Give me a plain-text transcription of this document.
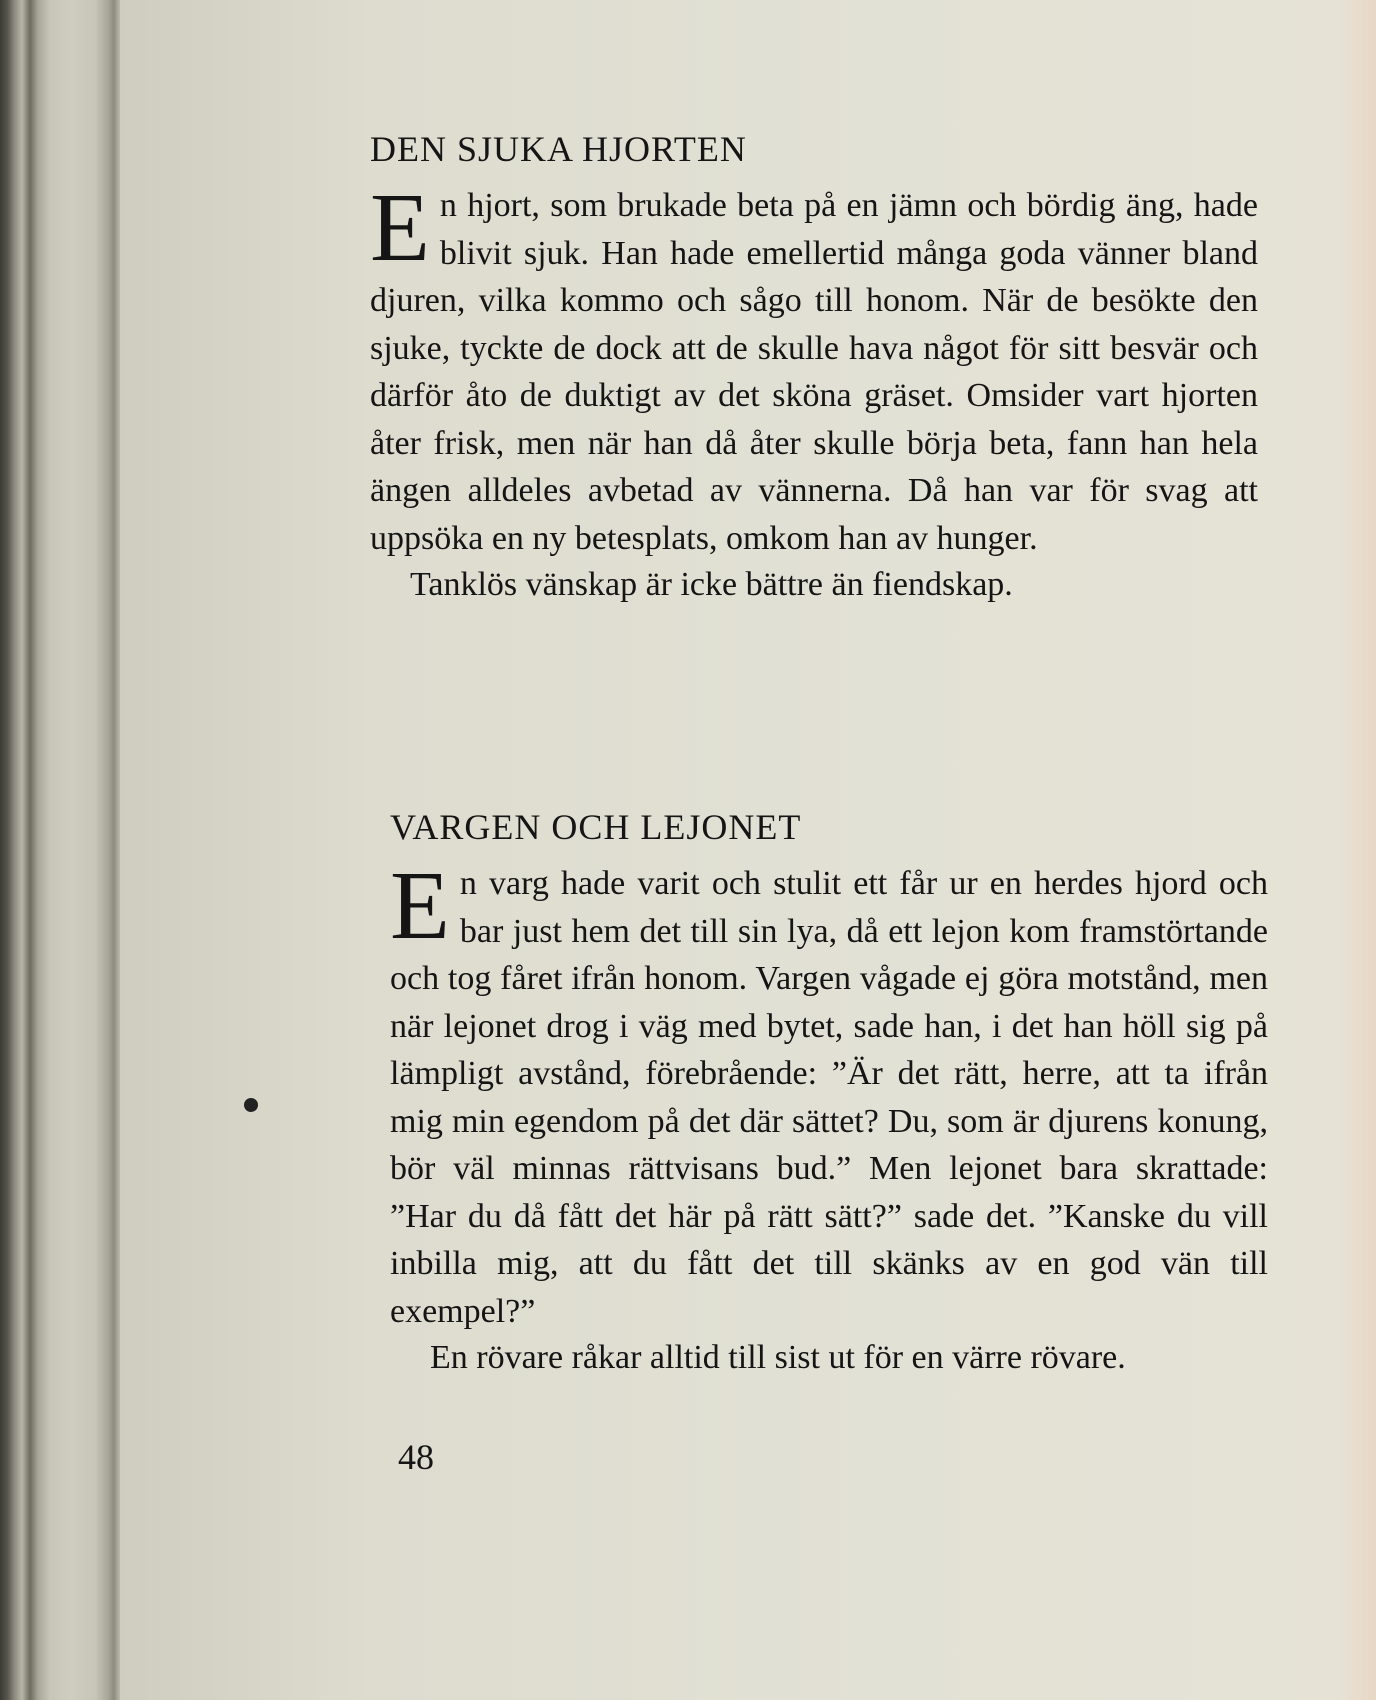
DEN SJUKA HJORTEN

En hjort, som brukade beta på en jämn och bördig äng, hade blivit sjuk. Han hade emellertid många goda vänner bland djuren, vilka kommo och sågo till honom. När de besökte den sjuke, tyckte de dock att de skulle hava något för sitt besvär och därför åto de duktigt av det sköna gräset. Omsider vart hjorten åter frisk, men när han då åter skulle börja beta, fann han hela ängen alldeles avbetad av vännerna. Då han var för svag att uppsöka en ny betesplats, omkom han av hunger.

Tanklös vänskap är icke bättre än fiendskap.

VARGEN OCH LEJONET

En varg hade varit och stulit ett får ur en herdes hjord och bar just hem det till sin lya, då ett lejon kom framstörtande och tog fåret ifrån honom. Vargen vågade ej göra motstånd, men när lejonet drog i väg med bytet, sade han, i det han höll sig på lämpligt avstånd, förebrående: ”Är det rätt, herre, att ta ifrån mig min egendom på det där sättet? Du, som är djurens konung, bör väl minnas rättvisans bud.” Men lejonet bara skrattade: ”Har du då fått det här på rätt sätt?” sade det. ”Kanske du vill inbilla mig, att du fått det till skänks av en god vän till exempel?”

En rövare råkar alltid till sist ut för en värre rövare.

48
